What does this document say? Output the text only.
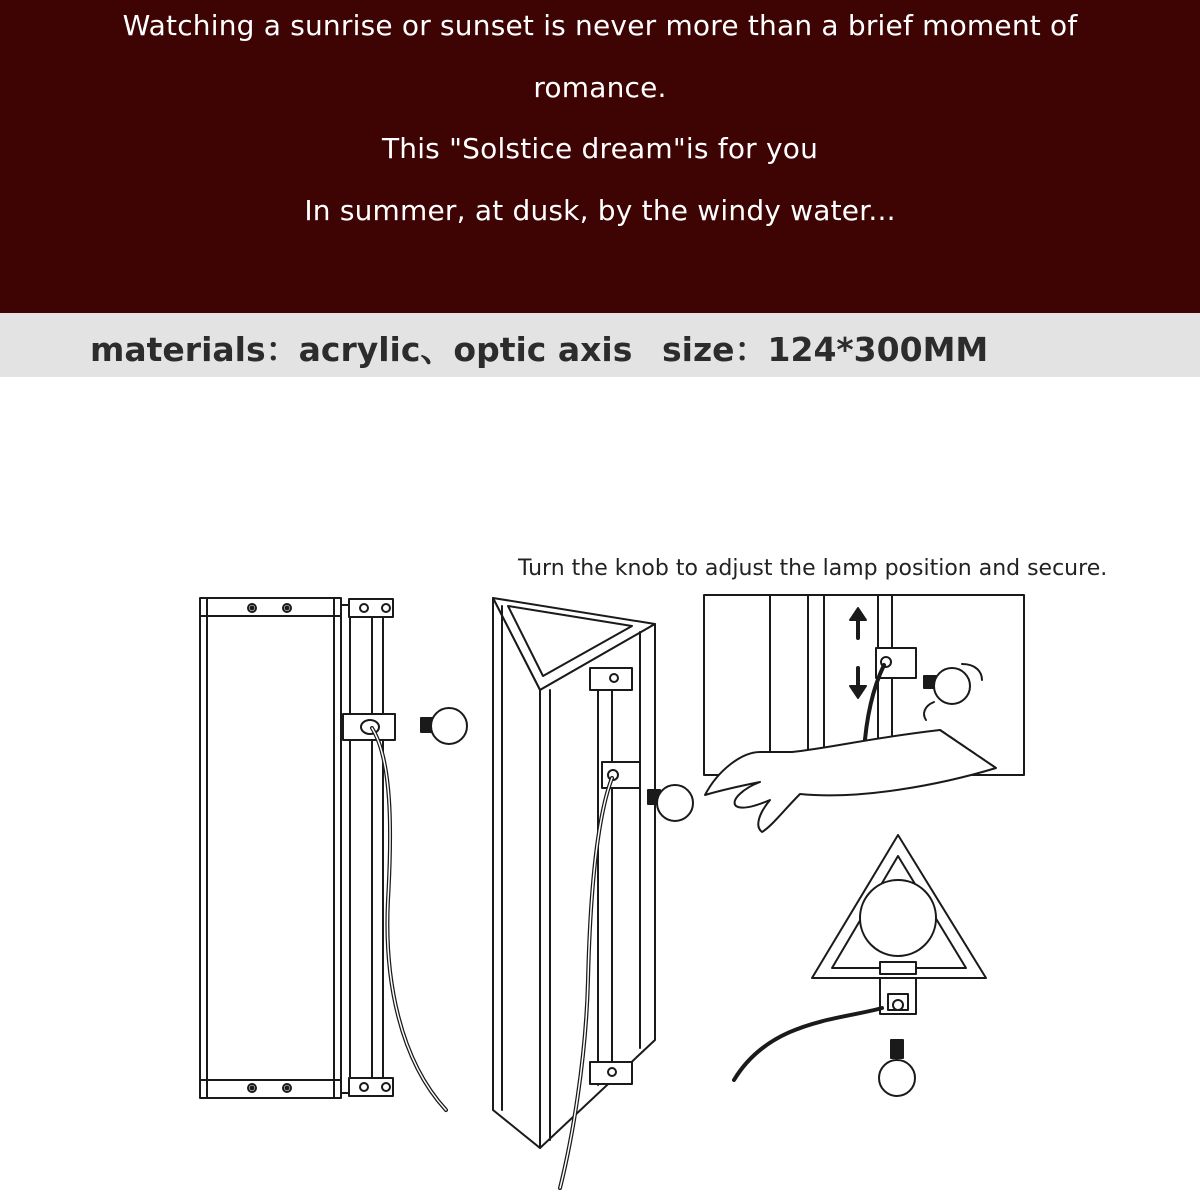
Watching a sunrise or sunset is never more than a brief moment of
romance.
This "Solstice dream"is for you
In summer, at dusk, by the windy water...
materials：acrylic、optic axis size：124*300MM
Turn the knob to adjust the lamp position and secure.
